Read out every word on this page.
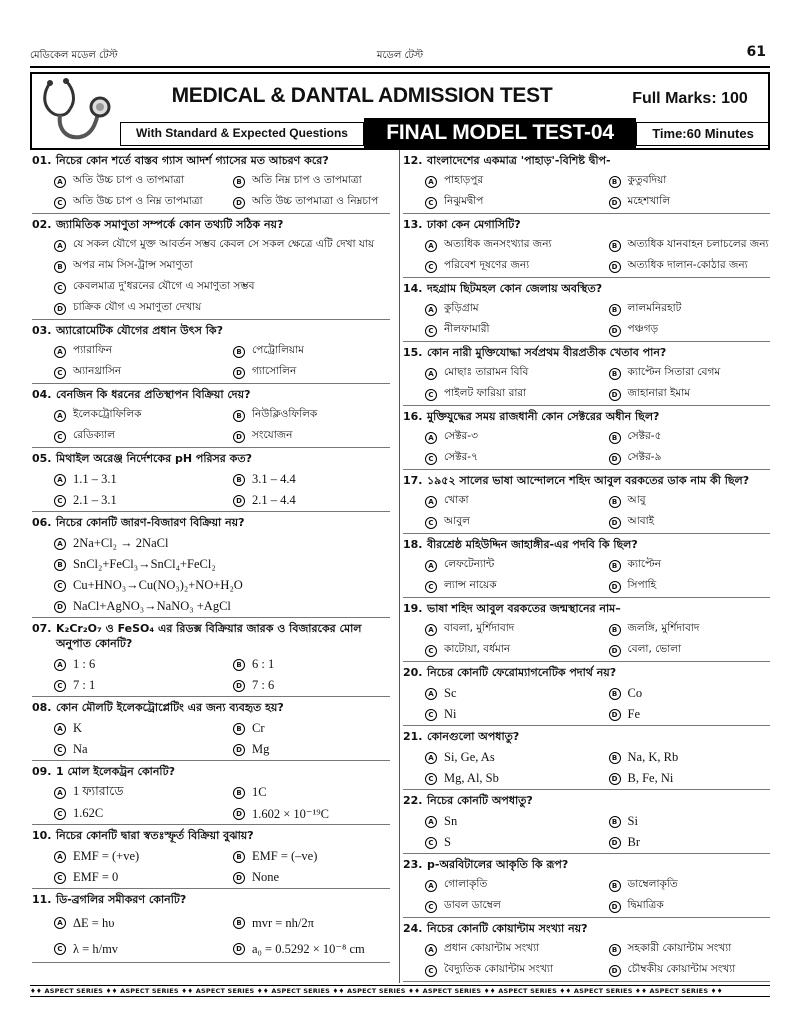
মেডিকেল মডেল টেস্ট	মডেল টেস্ট	61
MEDICAL & DANTAL ADMISSION TEST	Full Marks: 100
With Standard & Expected Questions	FINAL MODEL TEST-04	Time:60 Minutes
01. নিচের কোন শর্তে বাস্তব গ্যাস আদর্শ গ্যাসের মত আচরণ করে?
A অতি উচ্চ চাপ ও তাপমাত্রা	B অতি নিম্ন চাপ ও তাপমাত্রা
C অতি উচ্চ চাপ ও নিম্ন তাপমাত্রা	D অতি উচ্চ তাপমাত্রা ও নিম্নচাপ
02. জ্যামিতিক সমাণুতা সম্পর্কে কোন তথ্যটি সঠিক নয়?
A যে সকল যৌগে মুক্ত আবর্তন সম্ভব কেবল সে সকল ক্ষেত্রে এটি দেখা যায়
B অপর নাম সিস-ট্রান্স সমাণুতা
C কেবলমাত্র দু'ধরনের যৌগে এ সমাণুতা সম্ভব
D চাক্রিক যৌগ এ সমাণুতা দেখায়
03. অ্যারোমেটিক যৌগের প্রধান উৎস কি?
A প্যারাফিন	B পেট্রোলিয়াম
C অ্যানথ্রাসিন	D গ্যাসোলিন
04. বেনজিন কি ধরনের প্রতিস্থাপন বিক্রিয়া দেয়?
A ইলেকট্রোফিলিক	B নিউক্লিওফিলিক
C রেডিক্যাল	D সংযোজন
05. মিথাইল অরেঞ্জ নির্দেশকের pH পরিসর কত?
A 1.1 – 3.1	B 3.1 – 4.4
C 2.1 – 3.1	D 2.1 – 4.4
06. নিচের কোনটি জারণ-বিজারণ বিক্রিয়া নয়?
A 2Na+Cl₂ → 2NaCl
B SnCl₂+FeCl₃→SnCl₄+FeCl₂
C Cu+HNO₃→Cu(NO₃)₂+NO+H₂O
D NaCl+AgNO₃→NaNO₃ +AgCl
07. K₂Cr₂O₇ ও FeSO₄ এর রিডক্স বিক্রিয়ার জারক ও বিজারকের মোল অনুপাত কোনটি?
A 1 : 6	B 6 : 1
C 7 : 1	D 7 : 6
08. কোন মৌলটি ইলেকট্রোপ্লেটিং এর জন্য ব্যবহৃত হয়?
A K	B Cr
C Na	D Mg
09. 1 মোল ইলেকট্রন কোনটি?
A 1 ফ্যারাডে	B 1C
C 1.62C	D 1.602 × 10⁻¹⁹C
10. নিচের কোনটি দ্বারা স্বতঃস্ফূর্ত বিক্রিয়া বুঝায়?
A EMF = (+ve)	B EMF = (–ve)
C EMF = 0	D None
11. ডি-ব্রগলির সমীকরণ কোনটি?
A ΔE = hυ	B mvr = nh/2π
C λ = h/mv	D a₀ = 0.5292 × 10⁻⁸ cm
12. বাংলাদেশের একমাত্র 'পাহাড়'-বিশিষ্ট দ্বীপ-
A পাহাড়পুর	B কুতুবদিয়া
C নিঝুমদ্বীপ	D মহেশখালি
13. ঢাকা কেন মেগাসিটি?
A অত্যধিক জনসংখ্যার জন্য	B অত্যধিক যানবাহন চলাচলের জন্য
C পরিবেশ দূষণের জন্য	D অত্যধিক দালান-কোঠার জন্য
14. দহগ্রাম ছিটমহল কোন জেলায় অবস্থিত?
A কুড়িগ্রাম	B লালমনিরহাট
C নীলফামারী	D পঞ্চগড়
15. কোন নারী মুক্তিযোদ্ধা সর্বপ্রথম বীরপ্রতীক খেতাব পান?
A মোছাঃ তারামন বিবি	B ক্যাপ্টেন সিতারা বেগম
C পাইলট ফারিয়া রারা	D জাহানারা ইমাম
16. মুক্তিযুদ্ধের সময় রাজধানী কোন সেক্টরের অধীন ছিল?
A সেক্টর-৩	B সেক্টর-৫
C সেক্টর-৭	D সেক্টর-৯
17. ১৯৫২ সালের ভাষা আন্দোলনে শহিদ আবুল বরকতের ডাক নাম কী ছিল?
A খোকা	B আবু
C আবুল	D আবাই
18. বীরশ্রেষ্ঠ মহিউদ্দিন জাহাঙ্গীর-এর পদবি কি ছিল?
A লেফটেন্যান্ট	B ক্যাপ্টেন
C ল্যান্স নায়েক	D সিপাহি
19. ভাষা শহিদ আবুল বরকতের জন্মস্থানের নাম–
A বাবলা, মুর্শিদাবাদ	B জলঙ্গি, মুর্শিদাবাদ
C কাটোয়া, বর্ধমান	D বেলা, ভোলা
20. নিচের কোনটি ফেরোম্যাগনেটিক পদার্থ নয়?
A Sc	B Co
C Ni	D Fe
21. কোনগুলো অপধাতু?
A Si, Ge, As	B Na, K, Rb
C Mg, Al, Sb	D B, Fe, Ni
22. নিচের কোনটি অপধাতু?
A Sn	B Si
C S	D Br
23. p-অরবিটালের আকৃতি কি রূপ?
A গোলাকৃতি	B ডাম্বেলাকৃতি
C ডাবল ডাম্বেল	D দ্বিমাত্রিক
24. নিচের কোনটি কোয়ান্টাম সংখ্যা নয়?
A প্রধান কোয়ান্টাম সংখ্যা	B সহকারী কোয়ান্টাম সংখ্যা
C বৈদ্যুতিক কোয়ান্টাম সংখ্যা	D চৌম্বকীয় কোয়ান্টাম সংখ্যা
♦♦ ASPECT SERIES ♦♦ ASPECT SERIES ♦♦ ASPECT SERIES ♦♦ ASPECT SERIES ♦♦ ASPECT SERIES ♦♦ ASPECT SERIES ♦♦ ASPECT SERIES ♦♦ ASPECT SERIES ♦♦ ASPECT SERIES ♦♦
